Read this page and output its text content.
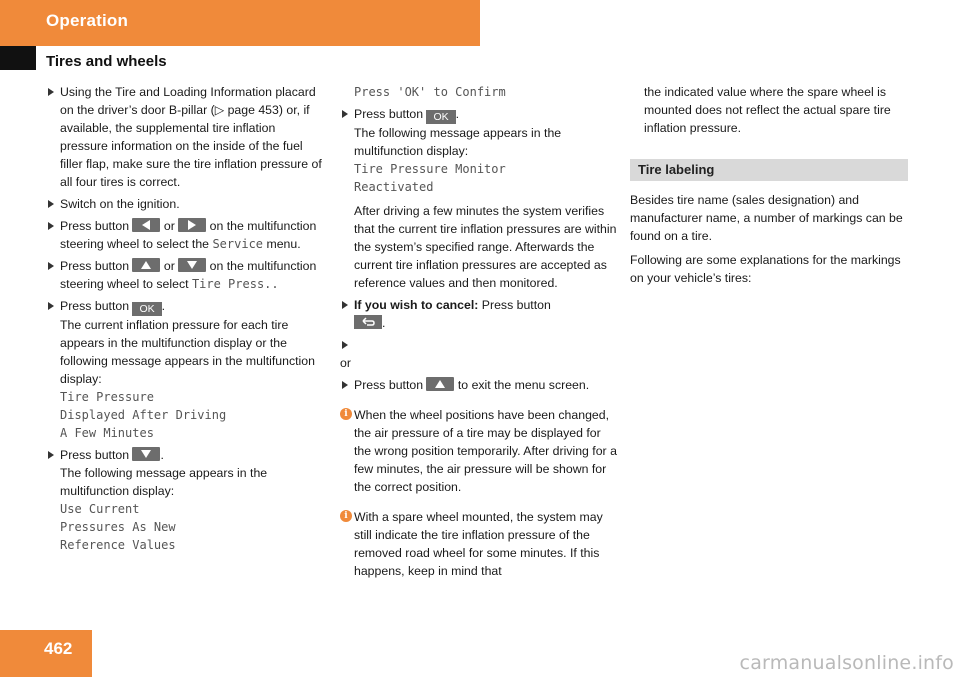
Operation
Tires and wheels
Using the Tire and Loading Information placard on the driver’s door B-pillar (▷ page 453) or, if available, the supplemental tire inflation pressure information on the inside of the fuel filler flap, make sure the tire inflation pressure of all four tires is correct.
Switch on the ignition.
Press button	or	on the multifunction steering wheel to select the Service menu.
Press button	or	on the multifunction steering wheel to select Tire Press..
Press button OK .
The current inflation pressure for each tire appears in the multifunction display or the following message appears in the multifunction display:
Tire Pressure
Displayed After Driving
A Few Minutes
Press button	.
The following message appears in the multifunction display:
Use Current
Pressures As New
Reference Values
Press 'OK' to Confirm
Press button OK .
The following message appears in the multifunction display:
Tire Pressure Monitor
Reactivated
After driving a few minutes the system verifies that the current tire inflation pressures are within the system’s specified range. Afterwards the current tire inflation pressures are accepted as reference values and then monitored.
If you wish to cancel: Press button

.
or
Press button	to exit the menu screen.
i When the wheel positions have been changed, the air pressure of a tire may be displayed for the wrong position temporarily. After driving for a few minutes, the air pressure will be shown for the correct position.
i With a spare wheel mounted, the system may still indicate the tire inflation pressure of the removed road wheel for some minutes. If this happens, keep in mind that
the indicated value where the spare wheel is mounted does not reflect the actual spare tire inflation pressure.
Tire labeling
Besides tire name (sales designation) and manufacturer name, a number of markings can be found on a tire.
Following are some explanations for the markings on your vehicle’s tires:
462
carmanualsonline.info
